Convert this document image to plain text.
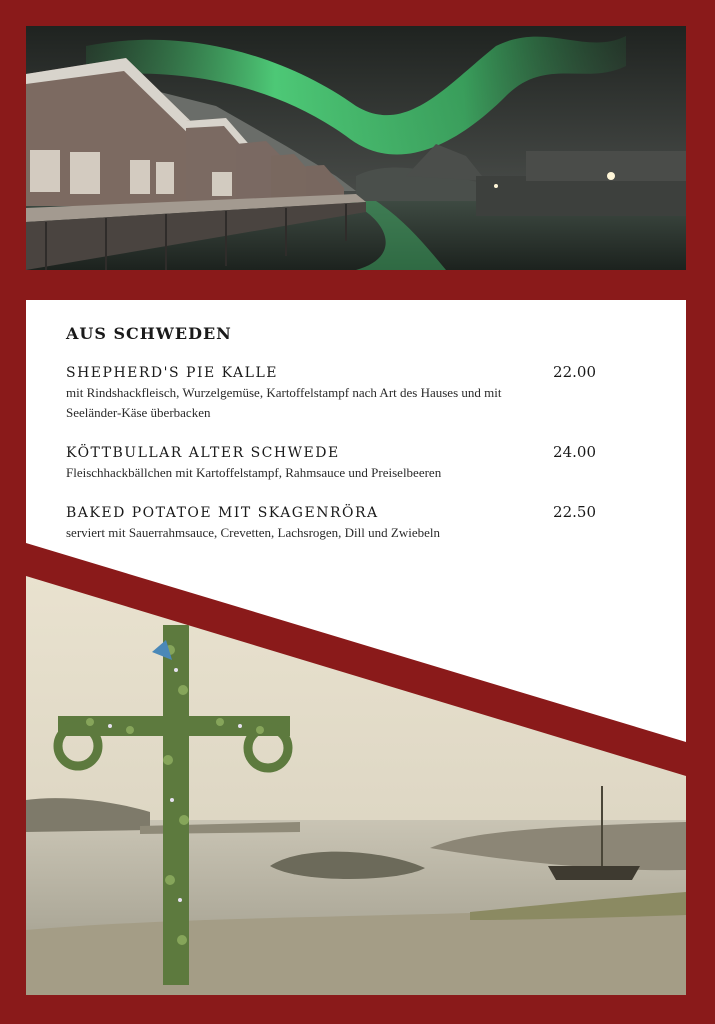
AUS SCHWEDEN
SHEPHERD'S PIE KALLE	22.00
mit Rindshackfleisch, Wurzelgemüse, Kartoffelstampf nach Art des Hauses und mit Seeländer-Käse überbacken
KÖTTBULLAR ALTER SCHWEDE	24.00
Fleischhackbällchen mit Kartoffelstampf, Rahmsauce und Preiselbeeren
BAKED POTATOE MIT SKAGENRÖRA	22.50
serviert mit Sauerrahmsauce, Crevetten, Lachsrogen, Dill und Zwiebeln
